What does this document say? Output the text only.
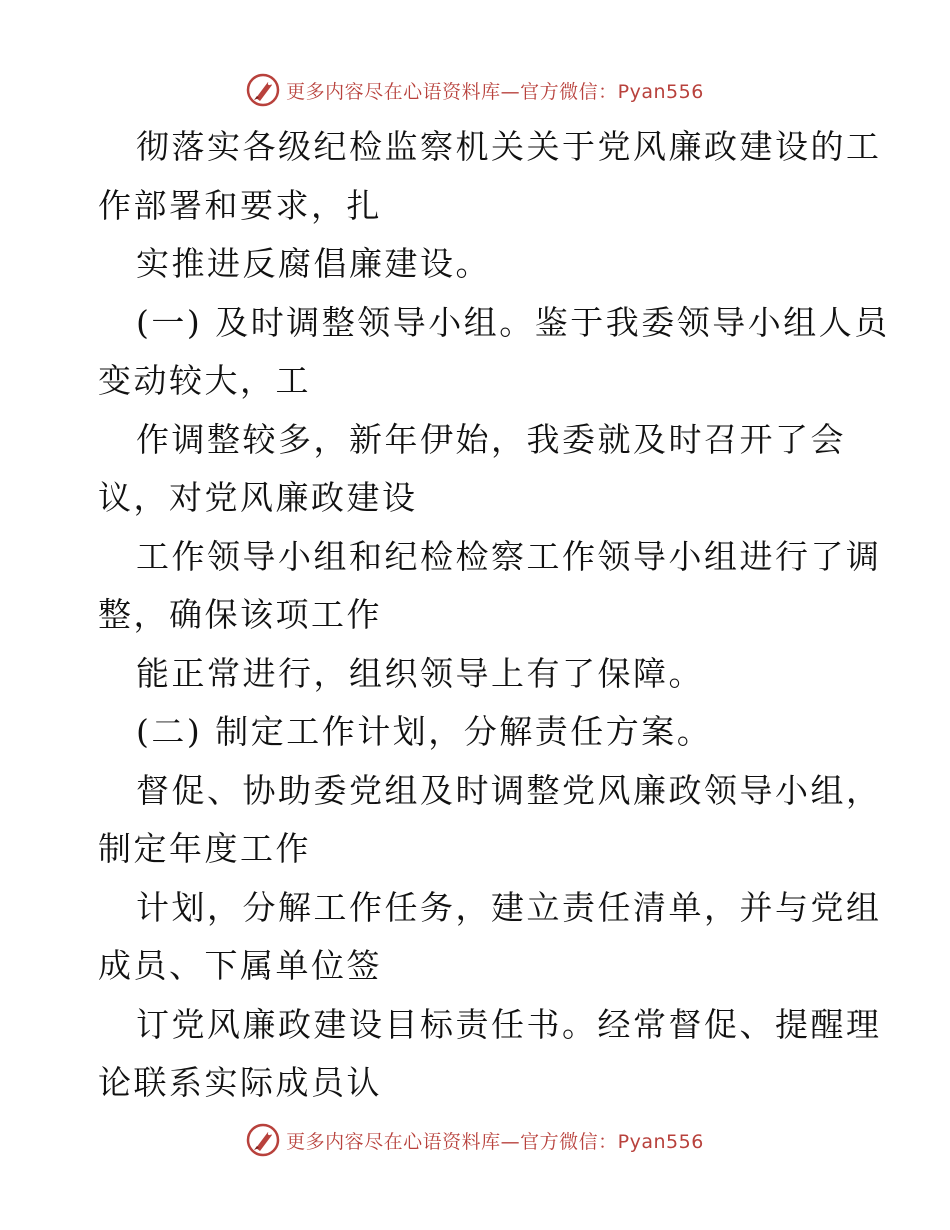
更多内容尽在心语资料库—官方微信：Pyan556
彻落实各级纪检监察机关关于党风廉政建设的工
作部署和要求，扎
实推进反腐倡廉建设。
(一) 及时调整领导小组。鉴于我委领导小组人员
变动较大，工
作调整较多，新年伊始，我委就及时召开了会
议，对党风廉政建设
工作领导小组和纪检检察工作领导小组进行了调
整，确保该项工作
能正常进行，组织领导上有了保障。
(二) 制定工作计划，分解责任方案。
督促、协助委党组及时调整党风廉政领导小组，
制定年度工作
计划，分解工作任务，建立责任清单，并与党组
成员、下属单位签
订党风廉政建设目标责任书。经常督促、提醒理
论联系实际成员认
更多内容尽在心语资料库—官方微信：Pyan556
